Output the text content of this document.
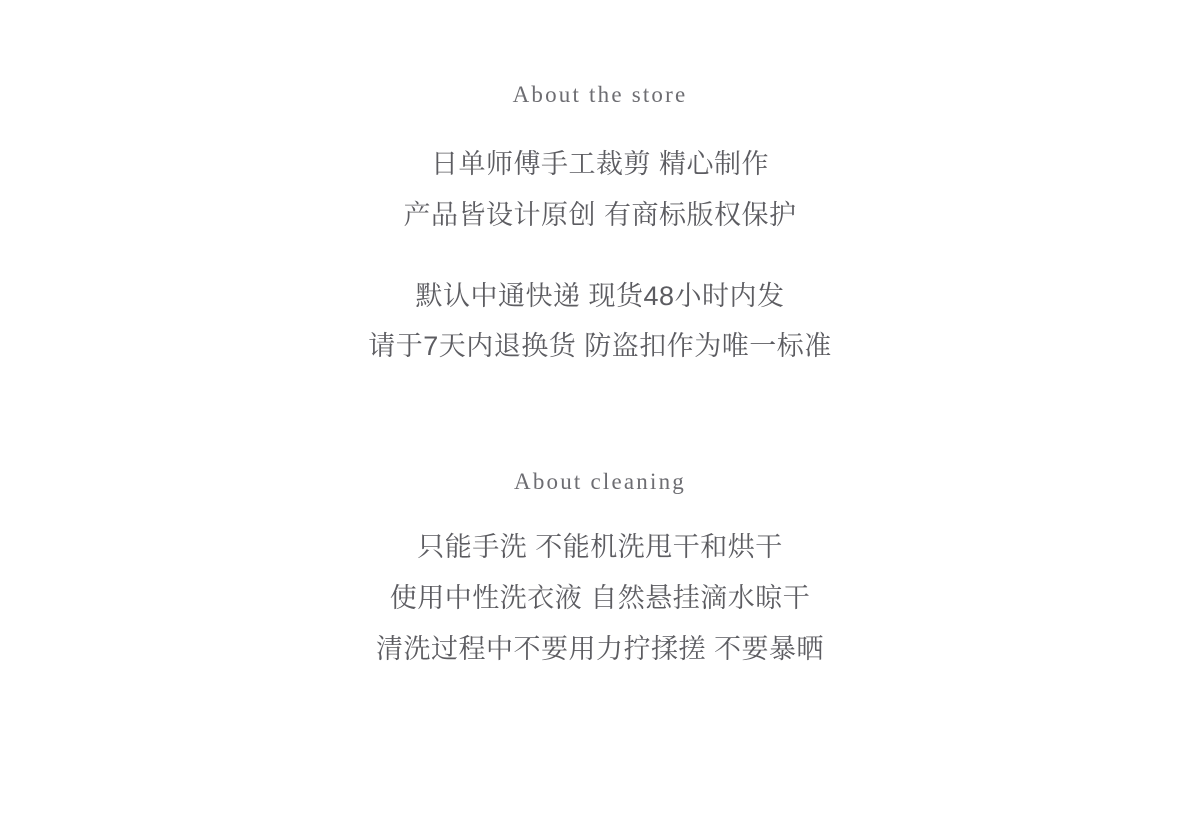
About the store
日单师傅手工裁剪 精心制作
产品皆设计原创 有商标版权保护
默认中通快递 现货48小时内发
请于7天内退换货 防盗扣作为唯一标准
About cleaning
只能手洗 不能机洗甩干和烘干
使用中性洗衣液 自然悬挂滴水晾干
清洗过程中不要用力拧揉搓 不要暴晒
